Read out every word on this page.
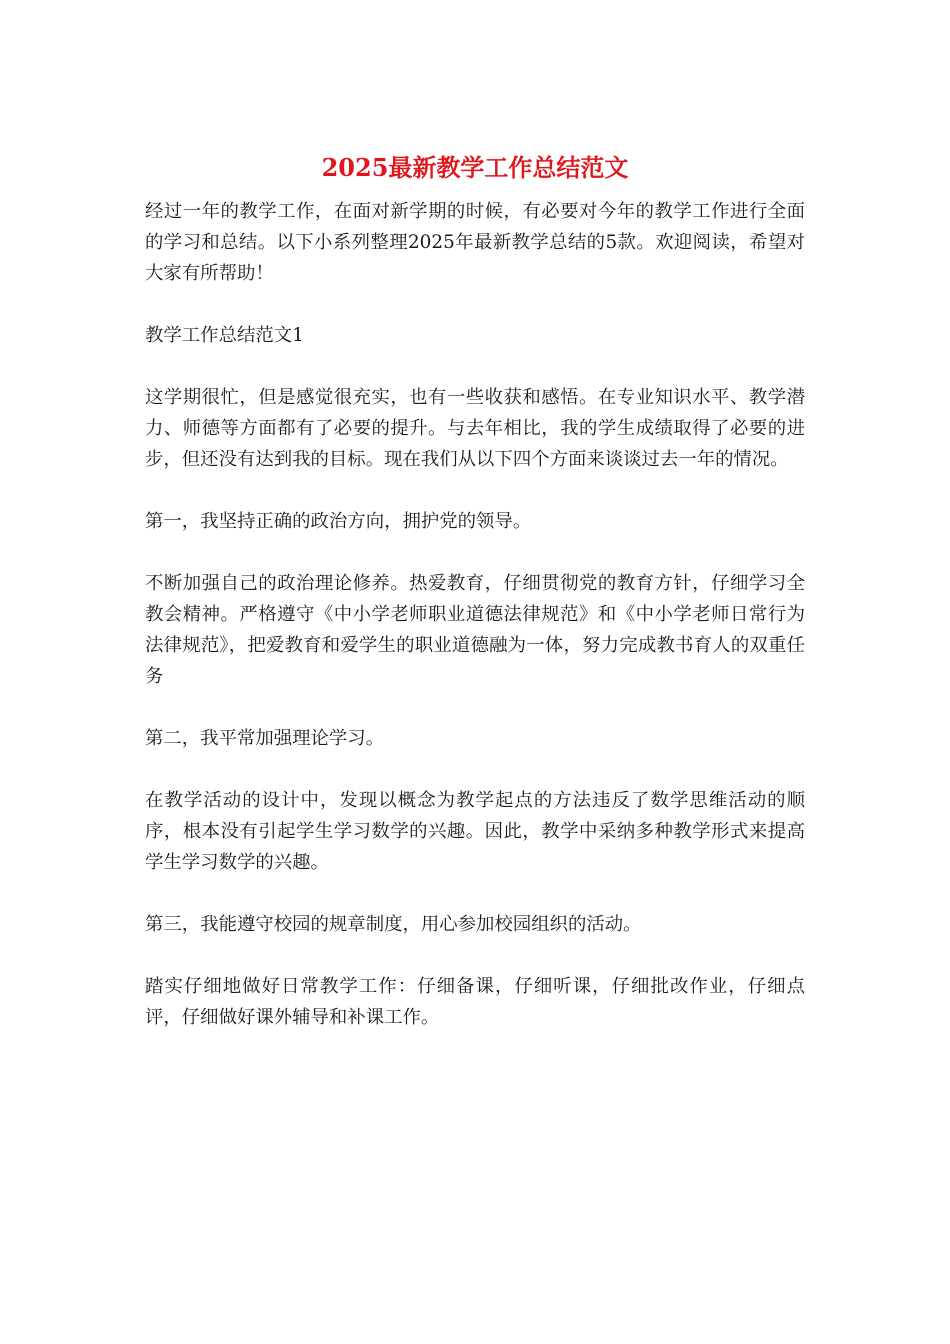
2025最新教学工作总结范文

经过一年的教学工作，在面对新学期的时候，有必要对今年的教学工作进行全面的学习和总结。以下小系列整理2025年最新教学总结的5款。欢迎阅读，希望对大家有所帮助！

教学工作总结范文1

这学期很忙，但是感觉很充实，也有一些收获和感悟。在专业知识水平、教学潜力、师德等方面都有了必要的提升。与去年相比，我的学生成绩取得了必要的进步，但还没有达到我的目标。现在我们从以下四个方面来谈谈过去一年的情况。

第一，我坚持正确的政治方向，拥护党的领导。

不断加强自己的政治理论修养。热爱教育，仔细贯彻党的教育方针，仔细学习全教会精神。严格遵守《中小学老师职业道德法律规范》和《中小学老师日常行为法律规范》，把爱教育和爱学生的职业道德融为一体，努力完成教书育人的双重任务

第二，我平常加强理论学习。

在教学活动的设计中，发现以概念为教学起点的方法违反了数学思维活动的顺序，根本没有引起学生学习数学的兴趣。因此，教学中采纳多种教学形式来提高学生学习数学的兴趣。

第三，我能遵守校园的规章制度，用心参加校园组织的活动。

踏实仔细地做好日常教学工作：仔细备课，仔细听课，仔细批改作业，仔细点评，仔细做好课外辅导和补课工作。
